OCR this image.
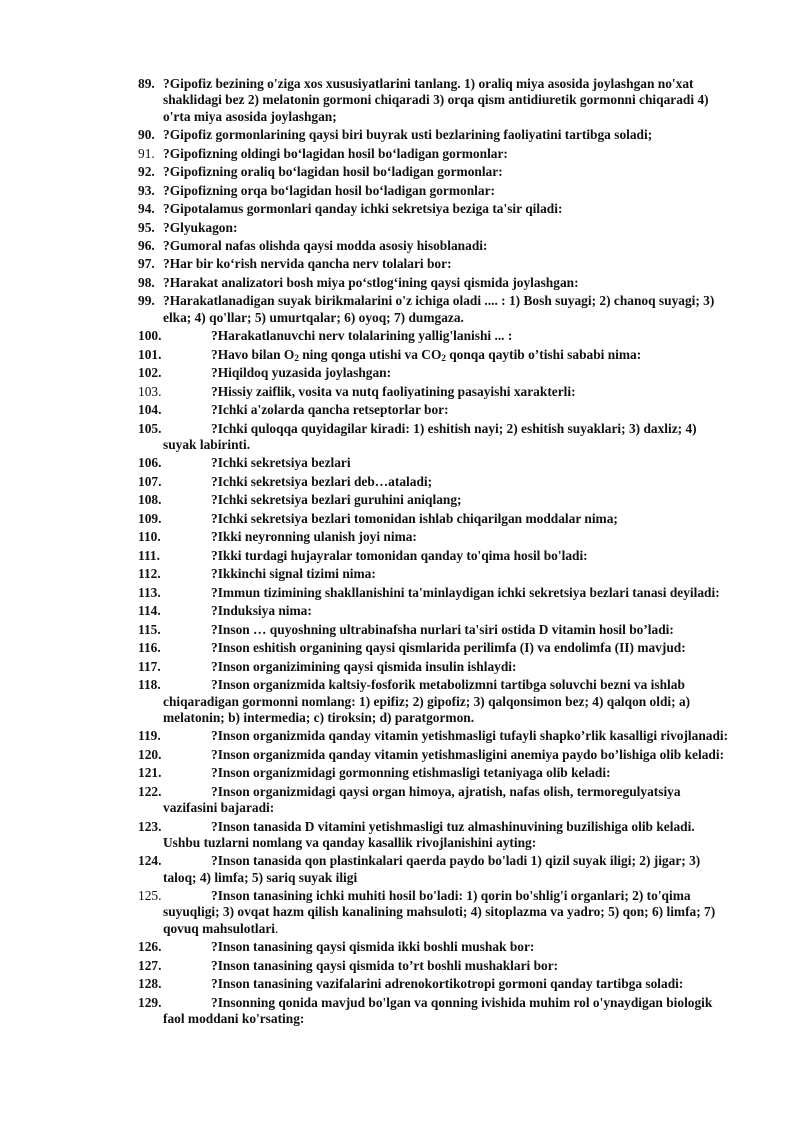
89. ?Gipofiz bezining o'ziga xos xususiyatlarini tanlang. 1) oraliq miya asosida joylashgan no'xat shaklidagi bez 2) melatonin gormoni chiqaradi 3) orqa qism antidiuretik gormonni chiqaradi 4) o'rta miya asosida joylashgan;
90. ?Gipofiz gormonlarining qaysi biri buyrak usti bezlarining faoliyatini tartibga soladi;
91. ?Gipofizning oldingi bo‘lagidan hosil bo‘ladigan gormonlar:
92. ?Gipofizning oraliq bo‘lagidan hosil bo‘ladigan gormonlar:
93. ?Gipofizning orqa bo‘lagidan hosil bo‘ladigan gormonlar:
94. ?Gipotalamus gormonlari qanday ichki sekretsiya beziga ta'sir qiladi:
95. ?Glyukagon:
96. ?Gumoral nafas olishda qaysi modda asosiy hisoblanadi:
97. ?Har bir ko‘rish nervida qancha nerv tolalari bor:
98. ?Harakat analizatori bosh miya po‘stlog‘ining qaysi qismida joylashgan:
99. ?Harakatlanadigan suyak birikmalarini o'z ichiga oladi .... : 1) Bosh suyagi; 2) chanoq suyagi; 3) elka; 4) qo'llar; 5) umurtqalar; 6) oyoq; 7) dumgaza.
100.	?Harakatlanuvchi nerv tolalarining yallig'lanishi ... :
101.	?Havo bilan $O_2$ ning qonga utishi va $CO_2$ qonqa qaytib o’tishi sababi nima:
102.	?Hiqildoq yuzasida joylashgan:
103.	?Hissiy zaiflik, vosita va nutq faoliyatining pasayishi xarakterli:
104.	?Ichki a'zolarda qancha retseptorlar bor:
105.	?Ichki quloqqa quyidagilar kiradi: 1) eshitish nayi; 2) eshitish suyaklari; 3) daxliz; 4) suyak labirinti.
106.	?Ichki sekretsiya bezlari
107.	?Ichki sekretsiya bezlari deb…ataladi;
108.	?Ichki sekretsiya bezlari guruhini aniqlang;
109.	?Ichki sekretsiya bezlari tomonidan ishlab chiqarilgan moddalar nima;
110.	?Ikki neyronning ulanish joyi nima:
111.	?Ikki turdagi hujayralar tomonidan qanday to'qima hosil bo'ladi:
112.	?Ikkinchi signal tizimi nima:
113.	?Immun tizimining shakllanishini ta'minlaydigan ichki sekretsiya bezlari tanasi deyiladi:
114.	?Induksiya nima:
115.	?Inson … quyoshning ultrabinafsha nurlari ta'siri ostida D vitamin hosil bo’ladi:
116.	?Inson eshitish organining qaysi qismlarida perilimfa (I) va endolimfa (II) mavjud:
117.	?Inson organizimining qaysi qismida insulin ishlaydi:
118.	?Inson organizmida kaltsiy-fosforik metabolizmni tartibga soluvchi bezni va ishlab chiqaradigan gormonni nomlang: 1) epifiz; 2) gipofiz; 3) qalqonsimon bez; 4) qalqon oldi; a) melatonin; b) intermedia; c) tiroksin; d) paratgormon.
119.	?Inson organizmida qanday vitamin yetishmasligi tufayli shapko’rlik kasalligi rivojlanadi:
120.	?Inson organizmida qanday vitamin yetishmasligini anemiya paydo bo’lishiga olib keladi:
121.	?Inson organizmidagi gormonning etishmasligi tetaniyaga olib keladi:
122.	?Inson organizmidagi qaysi organ himoya, ajratish, nafas olish, termoregulyatsiya vazifasini bajaradi:
123.	?Inson tanasida D vitamini yetishmasligi tuz almashinuvining buzilishiga olib keladi. Ushbu tuzlarni nomlang va qanday kasallik rivojlanishini ayting:
124.	?Inson tanasida qon plastinkalari qaerda paydo bo'ladi 1) qizil suyak iligi; 2) jigar; 3) taloq; 4) limfa; 5) sariq suyak iligi
125.	?Inson tanasining ichki muhiti hosil bo'ladi: 1) qorin bo'shlig'i organlari; 2) to'qima suyuqligi; 3) ovqat hazm qilish kanalining mahsuloti; 4) sitoplazma va yadro; 5) qon; 6) limfa; 7) qovuq mahsulotlari.
126.	?Inson tanasining qaysi qismida ikki boshli mushak bor:
127.	?Inson tanasining qaysi qismida to’rt boshli mushaklari bor:
128.	?Inson tanasining vazifalarini adrenokortikotropi gormoni qanday tartibga soladi:
129.	?Insonning qonida mavjud bo'lgan va qonning ivishida muhim rol o'ynaydigan biologik faol moddani ko'rsating:
